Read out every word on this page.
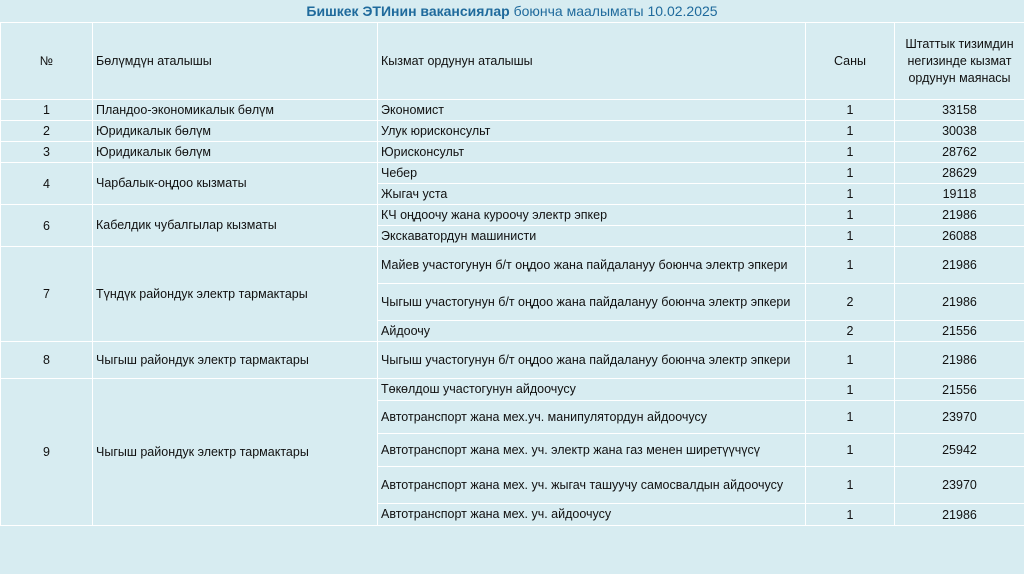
Бишкек ЭТИнин вакансиялар боюнча маалыматы 10.02.2025
№	Бөлүмдүн аталышы	Кызмат ордунун аталышы	Саны	Штаттык тизимдин негизинде кызмат ордунун маянасы
1	Пландоо-экономикалык бөлүм	Экономист	1	33158
2	Юридикалык бөлүм	Улук юрисконсульт	1	30038
3	Юридикалык бөлүм	Юрисконсульт	1	28762
4	Чарбалык-оңдоо кызматы	Чебер	1	28629
		Жыгач уста	1	19118
6	Кабелдик чубалгылар кызматы	КЧ оңдоочу жана куроочу электр эпкер	1	21986
		Экскаватордун машинисти	1	26088
7	Түндүк райондук электр тармактары	Майев участогунун б/т оңдоо жана пайдалануу боюнча электр эпкери	1	21986
		Чыгыш участогунун б/т оңдоо жана пайдалануу боюнча электр эпкери	2	21986
		Айдоочу	2	21556
8	Чыгыш райондук электр тармактары	Чыгыш участогунун б/т оңдоо жана пайдалануу боюнча электр эпкери	1	21986
9	Чыгыш райондук электр тармактары	Төкөлдош участогунун айдоочусу	1	21556
		Автотранспорт жана мех.уч. манипулятордун айдоочусу	1	23970
		Автотранспорт жана мех. уч. электр жана газ менен ширетүүчүсү	1	25942
		Автотранспорт жана мех. уч. жыгач ташуучу самосвалдын айдоочусу	1	23970
		Автотранспорт жана мех. уч. айдоочусу	1	21986
